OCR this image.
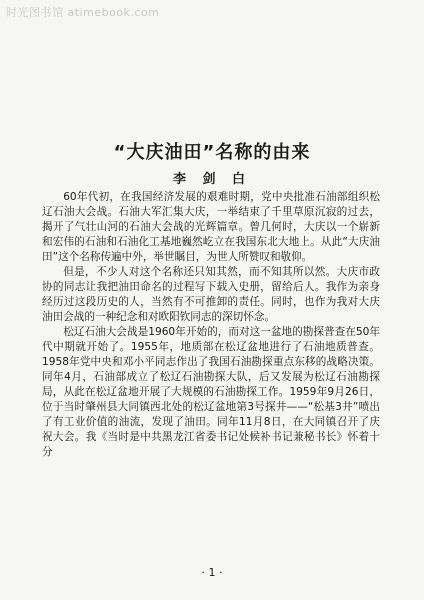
时光图书馆 atimebook.com
“大庆油田”名称的由来
李 剑 白

60年代初，在我国经济发展的艰难时期，党中央批准石油部组织松辽石油大会战。石油大军汇集大庆，一举结束了千里草原沉寂的过去，揭开了气壮山河的石油大会战的光辉篇章。曾几何时，大庆以一个崭新和宏伟的石油和石油化工基地巍然屹立在我国东北大地上。从此“大庆油田”这个名称传遍中外，举世瞩目，为世人所赞叹和敬仰。

但是，不少人对这个名称还只知其然，而不知其所以然。大庆市政协的同志让我把油田命名的过程写下载入史册，留给后人。我作为亲身经历过这段历史的人，当然有不可推卸的责任。同时，也作为我对大庆油田会战的一种纪念和对欧阳钦同志的深切怀念。

松辽石油大会战是1960年开始的，而对这一盆地的勘探普查在50年代中期就开始了。1955年，地质部在松辽盆地进行了石油地质普查。1958年党中央和邓小平同志作出了我国石油勘探重点东移的战略决策。同年4月，石油部成立了松辽石油勘探大队，后又发展为松辽石油勘探局，从此在松辽盆地开展了大规模的石油勘探工作。1959年9月26日，位于当时肇州县大同镇西北处的松辽盆地第3号探井——“松基3井”喷出了有工业价值的油流，发现了油田。同年11月8日，在大同镇召开了庆祝大会。我《当时是中共黑龙江省委书记处候补书记兼秘书长》怀着十分

· 1 ·
